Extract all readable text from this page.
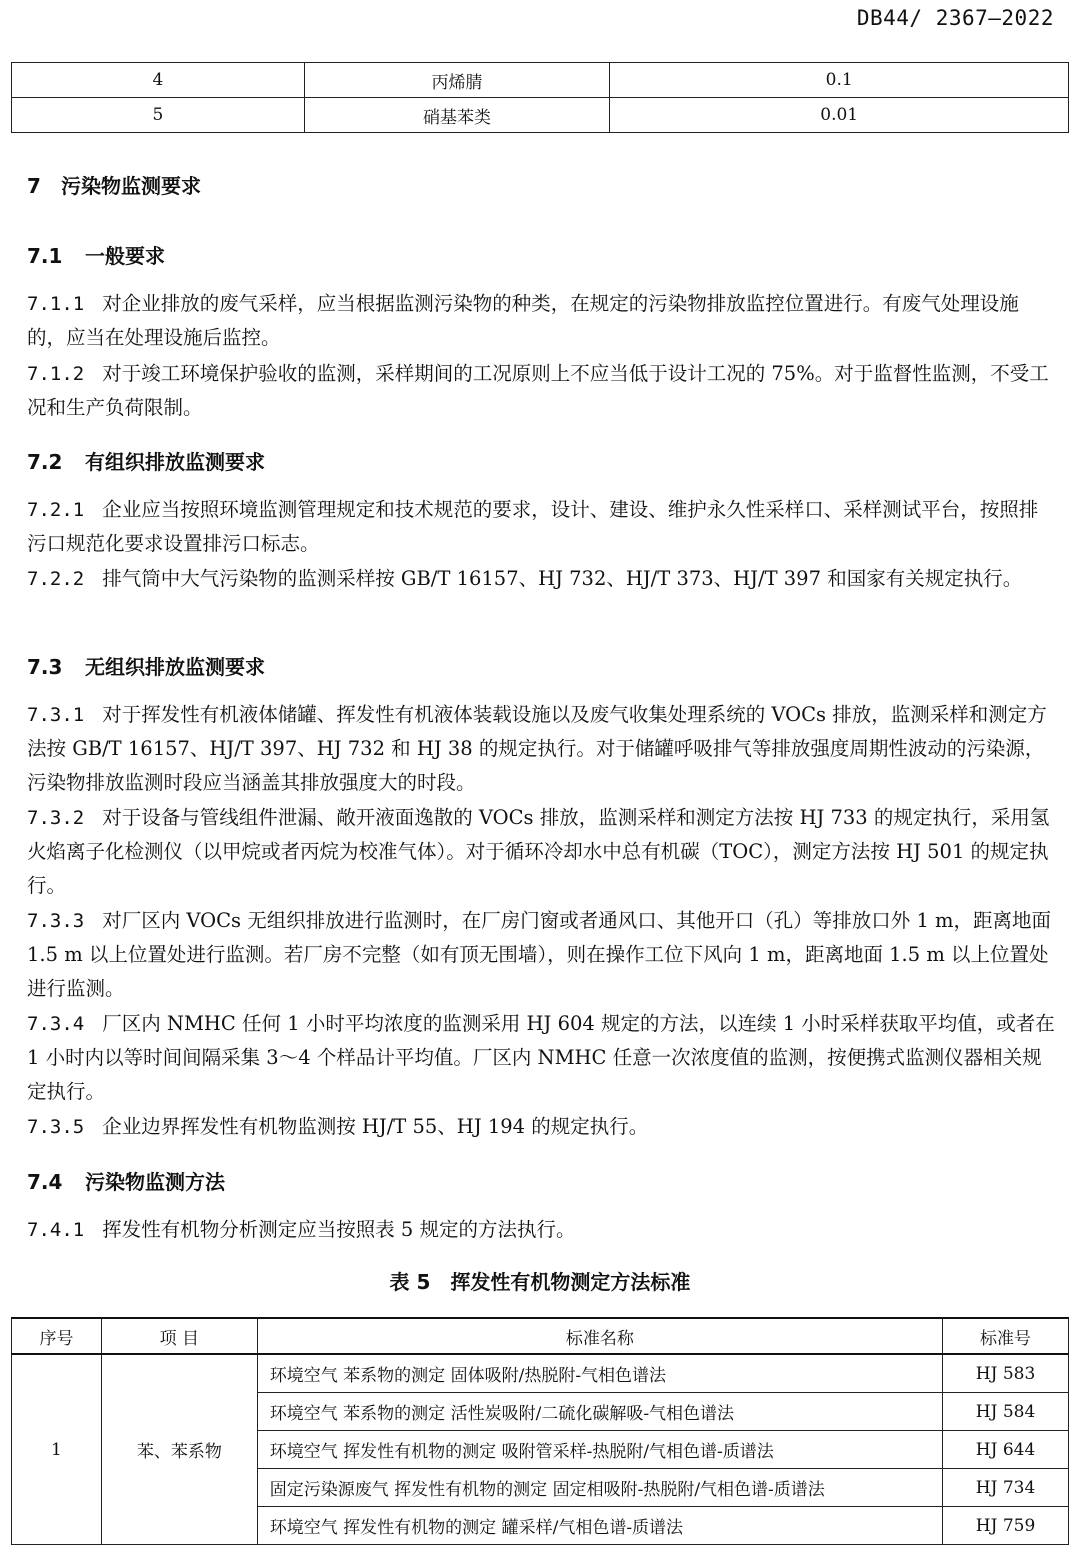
DB44/ 2367—2022
4	丙烯腈	0.1
5	硝基苯类	0.01
7 污染物监测要求
7.1 一般要求
7.1.1 对企业排放的废气采样，应当根据监测污染物的种类，在规定的污染物排放监控位置进行。有废气处理设施的，应当在处理设施后监控。
7.1.2 对于竣工环境保护验收的监测，采样期间的工况原则上不应当低于设计工况的 75%。对于监督性监测，不受工况和生产负荷限制。
7.2 有组织排放监测要求
7.2.1 企业应当按照环境监测管理规定和技术规范的要求，设计、建设、维护永久性采样口、采样测试平台，按照排污口规范化要求设置排污口标志。
7.2.2 排气筒中大气污染物的监测采样按 GB/T 16157、HJ 732、HJ/T 373、HJ/T 397 和国家有关规定执行。
7.3 无组织排放监测要求
7.3.1 对于挥发性有机液体储罐、挥发性有机液体装载设施以及废气收集处理系统的 VOCs 排放，监测采样和测定方法按 GB/T 16157、HJ/T 397、HJ 732 和 HJ 38 的规定执行。对于储罐呼吸排气等排放强度周期性波动的污染源，污染物排放监测时段应当涵盖其排放强度大的时段。
7.3.2 对于设备与管线组件泄漏、敞开液面逸散的 VOCs 排放，监测采样和测定方法按 HJ 733 的规定执行，采用氢火焰离子化检测仪（以甲烷或者丙烷为校准气体）。对于循环冷却水中总有机碳（TOC），测定方法按 HJ 501 的规定执行。
7.3.3 对厂区内 VOCs 无组织排放进行监测时，在厂房门窗或者通风口、其他开口（孔）等排放口外 1 m，距离地面 1.5 m 以上位置处进行监测。若厂房不完整（如有顶无围墙），则在操作工位下风向 1 m，距离地面 1.5 m 以上位置处进行监测。
7.3.4 厂区内 NMHC 任何 1 小时平均浓度的监测采用 HJ 604 规定的方法，以连续 1 小时采样获取平均值，或者在 1 小时内以等时间间隔采集 3～4 个样品计平均值。厂区内 NMHC 任意一次浓度值的监测，按便携式监测仪器相关规定执行。
7.3.5 企业边界挥发性有机物监测按 HJ/T 55、HJ 194 的规定执行。
7.4 污染物监测方法
7.4.1 挥发性有机物分析测定应当按照表 5 规定的方法执行。
表 5 挥发性有机物测定方法标准
序号	项 目	标准名称	标准号
1	苯、苯系物	环境空气 苯系物的测定 固体吸附/热脱附-气相色谱法	HJ 583
		环境空气 苯系物的测定 活性炭吸附/二硫化碳解吸-气相色谱法	HJ 584
		环境空气 挥发性有机物的测定 吸附管采样-热脱附/气相色谱-质谱法	HJ 644
		固定污染源废气 挥发性有机物的测定 固定相吸附-热脱附/气相色谱-质谱法	HJ 734
		环境空气 挥发性有机物的测定 罐采样/气相色谱-质谱法	HJ 759
